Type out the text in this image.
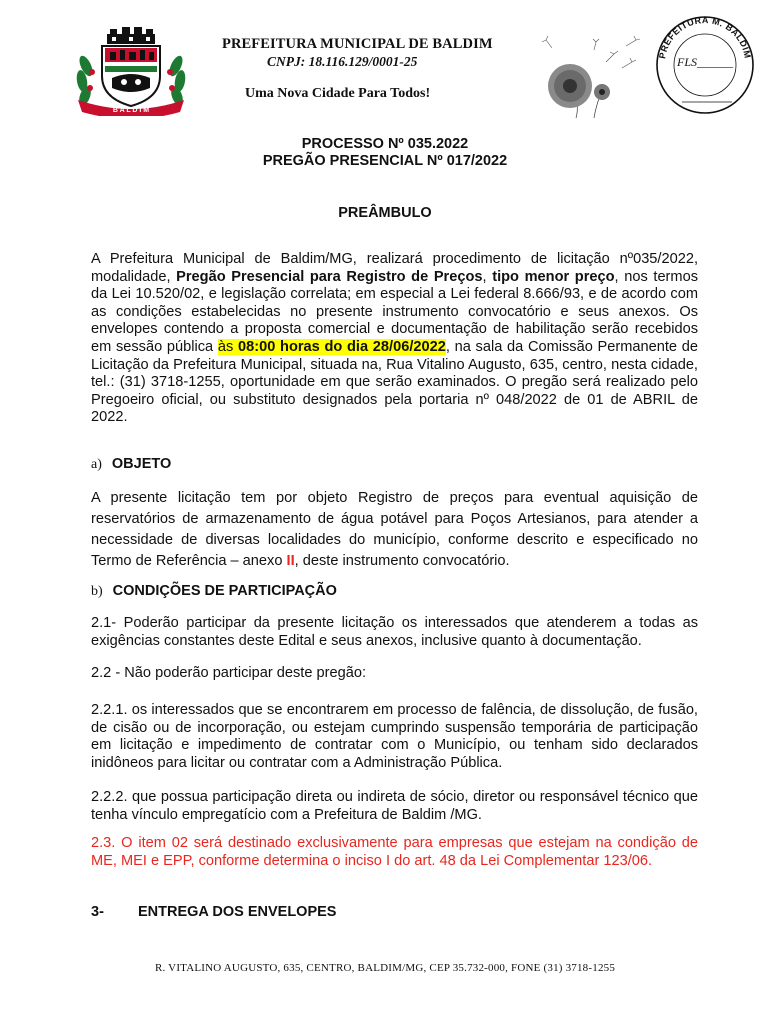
B A L D I M
PREFEITURA MUNICIPAL DE BALDIM
CNPJ: 18.116.129/0001-25
Uma Nova Cidade Para Todos!
PREFEITURA M. BALDIM
FLS______
PROCESSO Nº 035.2022
PREGÃO PRESENCIAL Nº 017/2022
PREÂMBULO
A Prefeitura Municipal de Baldim/MG, realizará procedimento de licitação nº035/2022, modalidade, Pregão Presencial para Registro de Preços, tipo menor preço, nos termos da Lei 10.520/02, e legislação correlata; em especial a Lei federal 8.666/93, e de acordo com as condições estabelecidas no presente instrumento convocatório e seus anexos. Os envelopes contendo a proposta comercial e documentação de habilitação serão recebidos em sessão pública às 08:00 horas do dia 28/06/2022, na sala da Comissão Permanente de Licitação da Prefeitura Municipal, situada na, Rua Vitalino Augusto, 635, centro, nesta cidade, tel.: (31) 3718-1255, oportunidade em que serão examinados. O pregão será realizado pelo Pregoeiro oficial, ou substituto designados pela portaria nº 048/2022 de 01 de ABRIL de 2022.
a) OBJETO
A presente licitação tem por objeto Registro de preços para eventual aquisição de reservatórios de armazenamento de água potável para Poços Artesianos, para atender a necessidade de diversas localidades do município, conforme descrito e especificado no Termo de Referência – anexo II, deste instrumento convocatório.
b) CONDIÇÕES DE PARTICIPAÇÃO
2.1- Poderão participar da presente licitação os interessados que atenderem a todas as exigências constantes deste Edital e seus anexos, inclusive quanto à documentação.
2.2 - Não poderão participar deste pregão:
2.2.1. os interessados que se encontrarem em processo de falência, de dissolução, de fusão, de cisão ou de incorporação, ou estejam cumprindo suspensão temporária de participação em licitação e impedimento de contratar com o Município, ou tenham sido declarados inidôneos para licitar ou contratar com a Administração Pública.
2.2.2. que possua participação direta ou indireta de sócio, diretor ou responsável técnico que tenha vínculo empregatício com a Prefeitura de Baldim /MG.
2.3. O item 02 será destinado exclusivamente para empresas que estejam na condição de ME, MEI e EPP, conforme determina o inciso I do art. 48 da Lei Complementar 123/06.
3- ENTREGA DOS ENVELOPES
R. VITALINO AUGUSTO, 635, CENTRO, BALDIM/MG, CEP 35.732-000, FONE (31) 3718-1255
